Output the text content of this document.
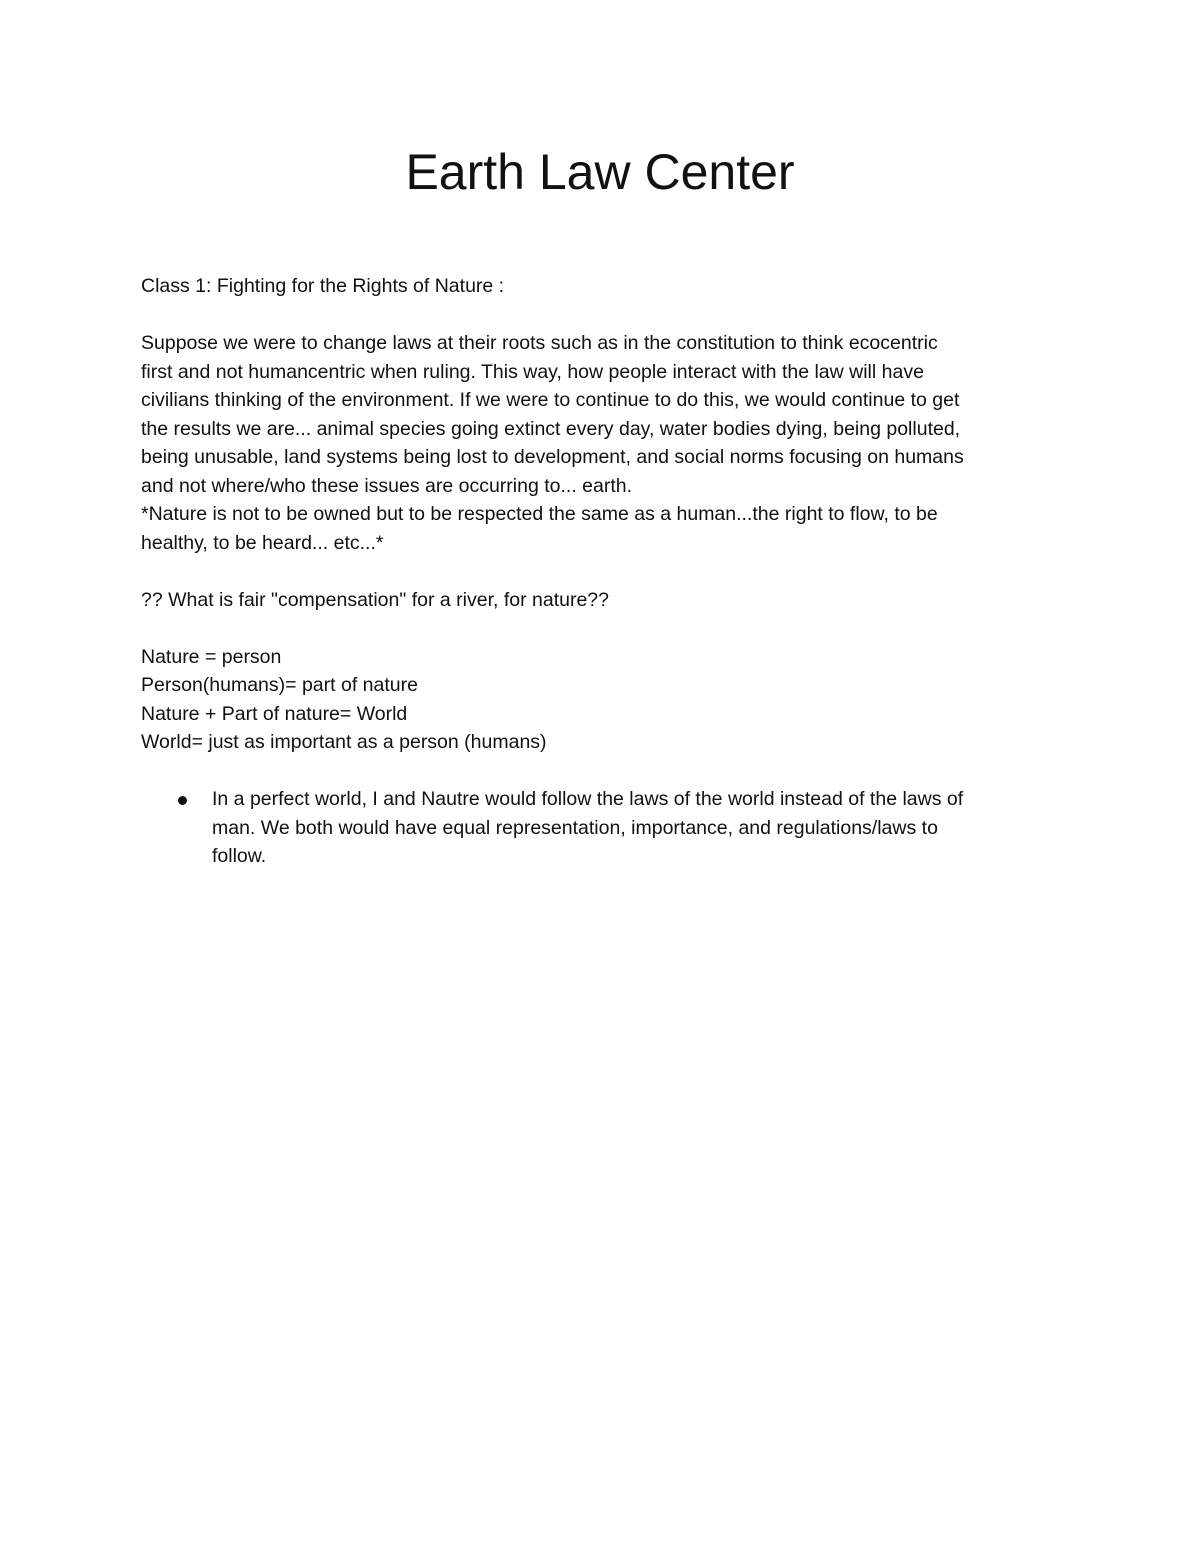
Earth Law Center

Class 1: Fighting for the Rights of Nature :

Suppose we were to change laws at their roots such as in the constitution to think ecocentric

first and not humancentric when ruling. This way, how people interact with the law will have

civilians thinking of the environment. If we were to continue to do this, we would continue to get

the results we are... animal species going extinct every day, water bodies dying, being polluted,

being unusable, land systems being lost to development, and social norms focusing on humans

and not where/who these issues are occurring to... earth.

*Nature is not to be owned but to be respected the same as a human...the right to flow, to be

healthy, to be heard... etc...*

?? What is fair "compensation" for a river, for nature??

Nature = person

Person(humans)= part of nature

Nature + Part of nature= World

World= just as important as a person (humans)

In a perfect world, I and Nautre would follow the laws of the world instead of the laws of
man. We both would have equal representation, importance, and regulations/laws to
follow.
